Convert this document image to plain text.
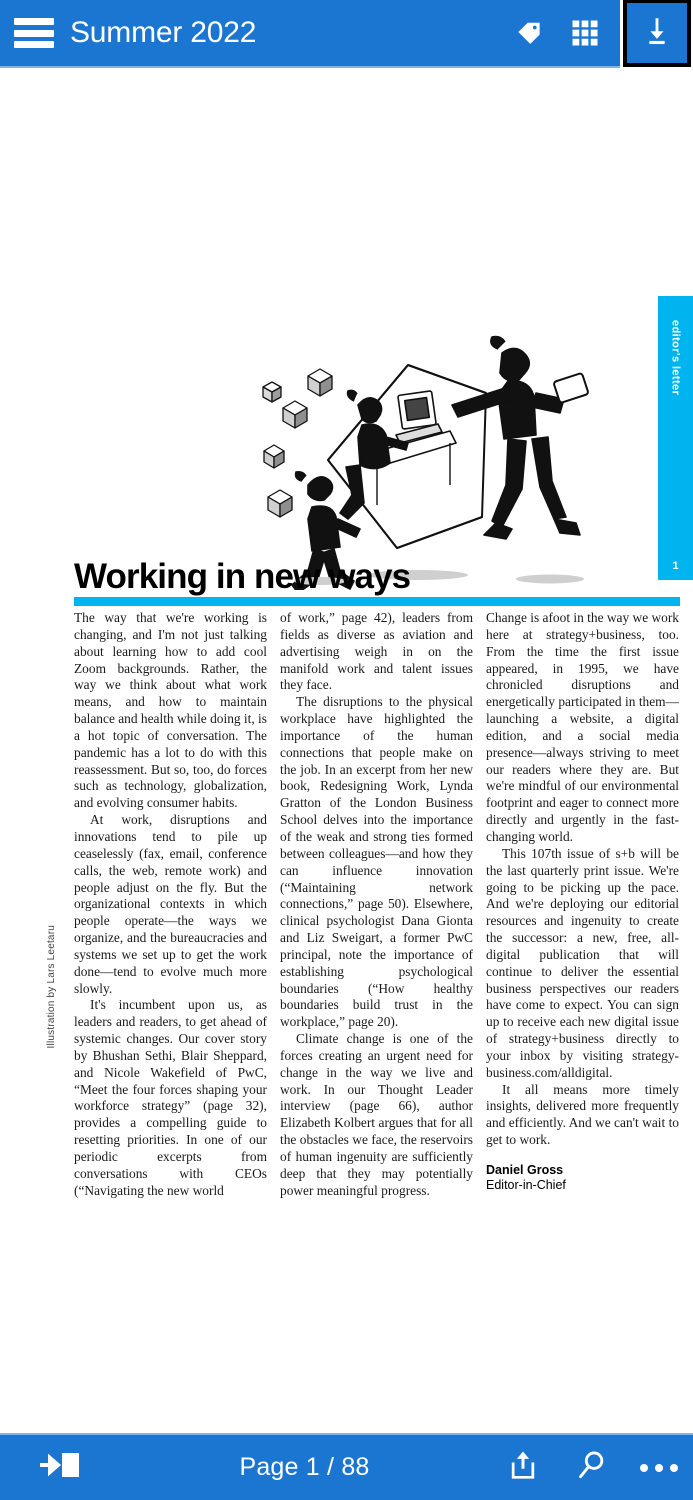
Summer 2022
editor's letter
1
Working in new ways
Illustration by Lars Leetaru

The way that we're working is changing, and I'm not just talking about learning how to add cool Zoom backgrounds. Rather, the way we think about what work means, and how to maintain balance and health while doing it, is a hot topic of conversation. The pandemic has a lot to do with this reassessment. But so, too, do forces such as technology, globalization, and evolving consumer habits.

At work, disruptions and innovations tend to pile up ceaselessly (fax, email, conference calls, the web, remote work) and people adjust on the fly. But the organizational contexts in which people operate—the ways we organize, and the bureaucracies and systems we set up to get the work done—tend to evolve much more slowly.

It's incumbent upon us, as leaders and readers, to get ahead of systemic changes. Our cover story by Bhushan Sethi, Blair Sheppard, and Nicole Wakefield of PwC, “Meet the four forces shaping your workforce strategy” (page 32), provides a compelling guide to resetting priorities. In one of our periodic excerpts from conversations with CEOs (“Navigating the new world

of work,” page 42), leaders from fields as diverse as aviation and advertising weigh in on the manifold work and talent issues they face.

The disruptions to the physical workplace have highlighted the importance of the human connections that people make on the job. In an excerpt from her new book, Redesigning Work, Lynda Gratton of the London Business School delves into the importance of the weak and strong ties formed between colleagues—and how they can influence innovation (“Maintaining network connections,” page 50). Elsewhere, clinical psychologist Dana Gionta and Liz Sweigart, a former PwC principal, note the importance of establishing psychological boundaries (“How healthy boundaries build trust in the workplace,” page 20).

Climate change is one of the forces creating an urgent need for change in the way we live and work. In our Thought Leader interview (page 66), author Elizabeth Kolbert argues that for all the obstacles we face, the reservoirs of human ingenuity are sufficiently deep that they may potentially power meaningful progress.

Change is afoot in the way we work here at strategy+business, too. From the time the first issue appeared, in 1995, we have chronicled disruptions and energetically participated in them—launching a website, a digital edition, and a social media presence—always striving to meet our readers where they are. But we're mindful of our environmental footprint and eager to connect more directly and urgently in the fast-changing world.

This 107th issue of s+b will be the last quarterly print issue. We're going to be picking up the pace. And we're deploying our editorial resources and ingenuity to create the successor: a new, free, all-digital publication that will continue to deliver the essential business perspectives our readers have come to expect. You can sign up to receive each new digital issue of strategy+business directly to your inbox by visiting strategy-business.com/alldigital.

It all means more timely insights, delivered more frequently and efficiently. And we can't wait to get to work.

Daniel Gross
Editor-in-Chief
Page 1 / 88
